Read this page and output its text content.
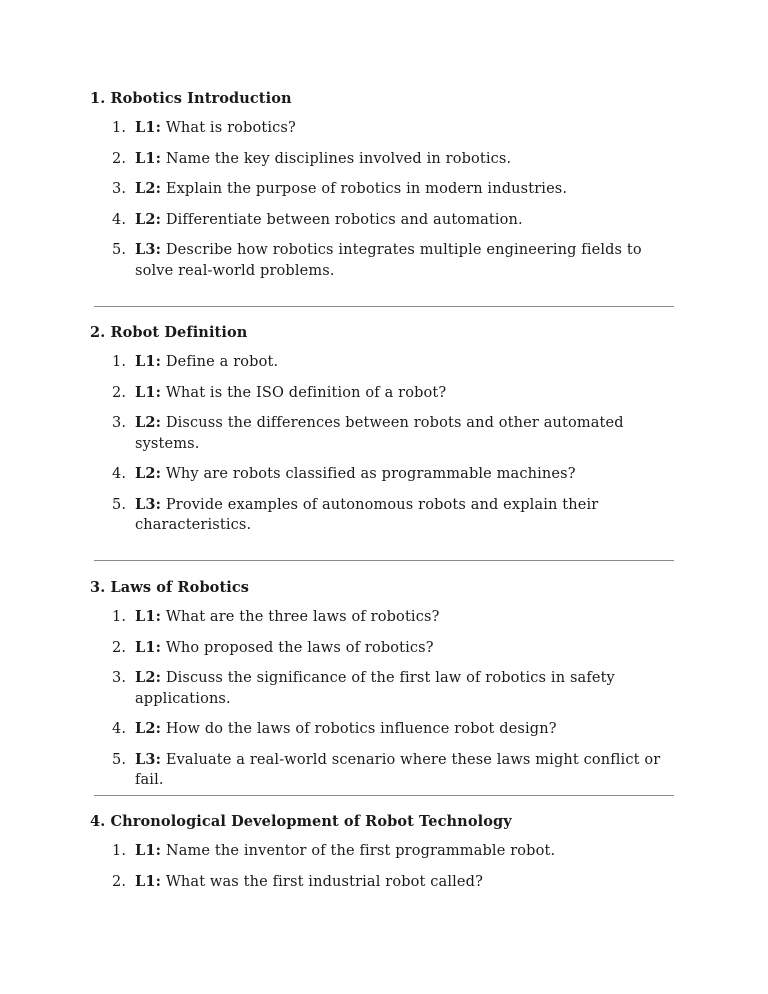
1. Robotics Introduction
1. L1: What is robotics?
2. L1: Name the key disciplines involved in robotics.
3. L2: Explain the purpose of robotics in modern industries.
4. L2: Differentiate between robotics and automation.
5. L3: Describe how robotics integrates multiple engineering fields to solve real-world problems.
2. Robot Definition
1. L1: Define a robot.
2. L1: What is the ISO definition of a robot?
3. L2: Discuss the differences between robots and other automated systems.
4. L2: Why are robots classified as programmable machines?
5. L3: Provide examples of autonomous robots and explain their characteristics.
3. Laws of Robotics
1. L1: What are the three laws of robotics?
2. L1: Who proposed the laws of robotics?
3. L2: Discuss the significance of the first law of robotics in safety applications.
4. L2: How do the laws of robotics influence robot design?
5. L3: Evaluate a real-world scenario where these laws might conflict or fail.
4. Chronological Development of Robot Technology
1. L1: Name the inventor of the first programmable robot.
2. L1: What was the first industrial robot called?
